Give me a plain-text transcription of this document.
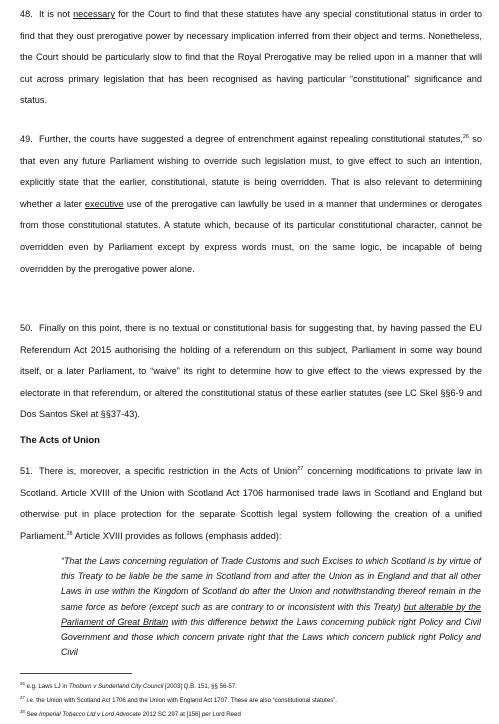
48. It is not necessary for the Court to find that these statutes have any special constitutional status in order to find that they oust prerogative power by necessary implication inferred from their object and terms. Nonetheless, the Court should be particularly slow to find that the Royal Prerogative may be relied upon in a manner that will cut across primary legislation that has been recognised as having particular “constitutional” significance and status.
49. Further, the courts have suggested a degree of entrenchment against repealing constitutional statutes,$^{26}$ so that even any future Parliament wishing to override such legislation must, to give effect to such an intention, explicitly state that the earlier, constitutional, statute is being overridden. That is also relevant to determining whether a later executive use of the prerogative can lawfully be used in a manner that undermines or derogates from those constitutional statutes. A statute which, because of its particular constitutional character, cannot be overridden even by Parliament except by express words must, on the same logic, be incapable of being overridden by the prerogative power alone.
50. Finally on this point, there is no textual or constitutional basis for suggesting that, by having passed the EU Referendum Act 2015 authorising the holding of a referendum on this subject, Parliament in some way bound itself, or a later Parliament, to “waive” its right to determine how to give effect to the views expressed by the electorate in that referendum, or altered the constitutional status of these earlier statutes (see LC Skel §§6-9 and Dos Santos Skel at §§37-43).
The Acts of Union
51. There is, moreover, a specific restriction in the Acts of Union$^{27}$ concerning modifications to private law in Scotland. Article XVIII of the Union with Scotland Act 1706 harmonised trade laws in Scotland and England but otherwise put in place protection for the separate Scottish legal system following the creation of a unified Parliament.$^{28}$ Article XVIII provides as follows (emphasis added):
“That the Laws concerning regulation of Trade Customs and such Excises to which Scotland is by virtue of this Treaty to be liable be the same in Scotland from and after the Union as in England and that all other Laws in use within the Kingdom of Scotland do after the Union and notwithstanding thereof remain in the same force as before (except such as are contrary to or inconsistent with this Treaty) but alterable by the Parliament of Great Britain with this difference betwixt the Laws concerning publick right Policy and Civil Government and those which concern private right that the Laws which concern publick right Policy and Civil
$^{26}$ e.g. Laws LJ in Thoburn v Sunderland City Council [2003] Q.B. 151, §§ 56-57.
$^{27}$ i.e. the Union with Scotland Act 1706 and the Union with England Act 1707. These are also “constitutional statutes”.
$^{28}$ See Imperial Tobacco Ltd v Lord Advocate 2012 SC 297 at [156] per Lord Reed
